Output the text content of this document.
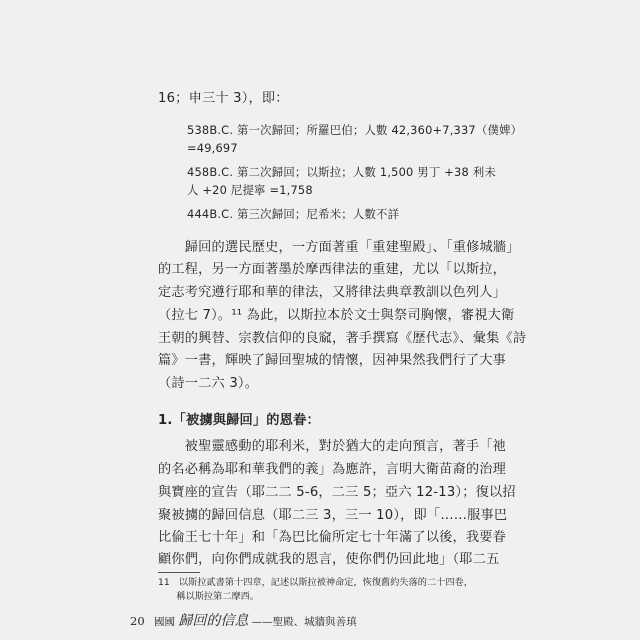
16；申三十 3），即：
538B.C. 第一次歸回；所羅巴伯；人數 42,360+7,337（僕婢）
=49,697
458B.C. 第二次歸回；以斯拉；人數 1,500 男丁 +38 利未
人 +20 尼提寧 =1,758
444B.C. 第三次歸回；尼希米；人數不詳
　　歸回的選民歷史，一方面著重「重建聖殿」、「重修城牆」
的工程，另一方面著墨於摩西律法的重建，尤以「以斯拉，
定志考究遵行耶和華的律法，又將律法典章教訓以色列人」
（拉七 7）。¹¹ 為此，以斯拉本於文士與祭司胸懷，審視大衛
王朝的興替、宗教信仰的良窳，著手撰寫《歷代志》、彙集《詩
篇》一書，輝映了歸回聖城的情懷，因神果然我們行了大事
（詩一二六 3）。
1.「被擄與歸回」的恩眷：
　　被聖靈感動的耶利米，對於猶大的走向預言，著手「祂
的名必稱為耶和華我們的義」為應許，言明大衛苗裔的治理
與寶座的宣告（耶二二 5-6，二三 5；亞六 12-13）；復以招
聚被擄的歸回信息（耶二三 3，三一 10），即「……服事巴
比倫王七十年」和「為巴比倫所定七十年滿了以後，我要眷
顧你們，向你們成就我的恩言，使你們仍回此地」（耶二五
11　以斯拉貳書第十四章，記述以斯拉被神命定，恢復舊約失落的二十四卷，
　　稱以斯拉第二摩西。
20 國國 歸回的信息 ——聖殿、城牆與善瑱
